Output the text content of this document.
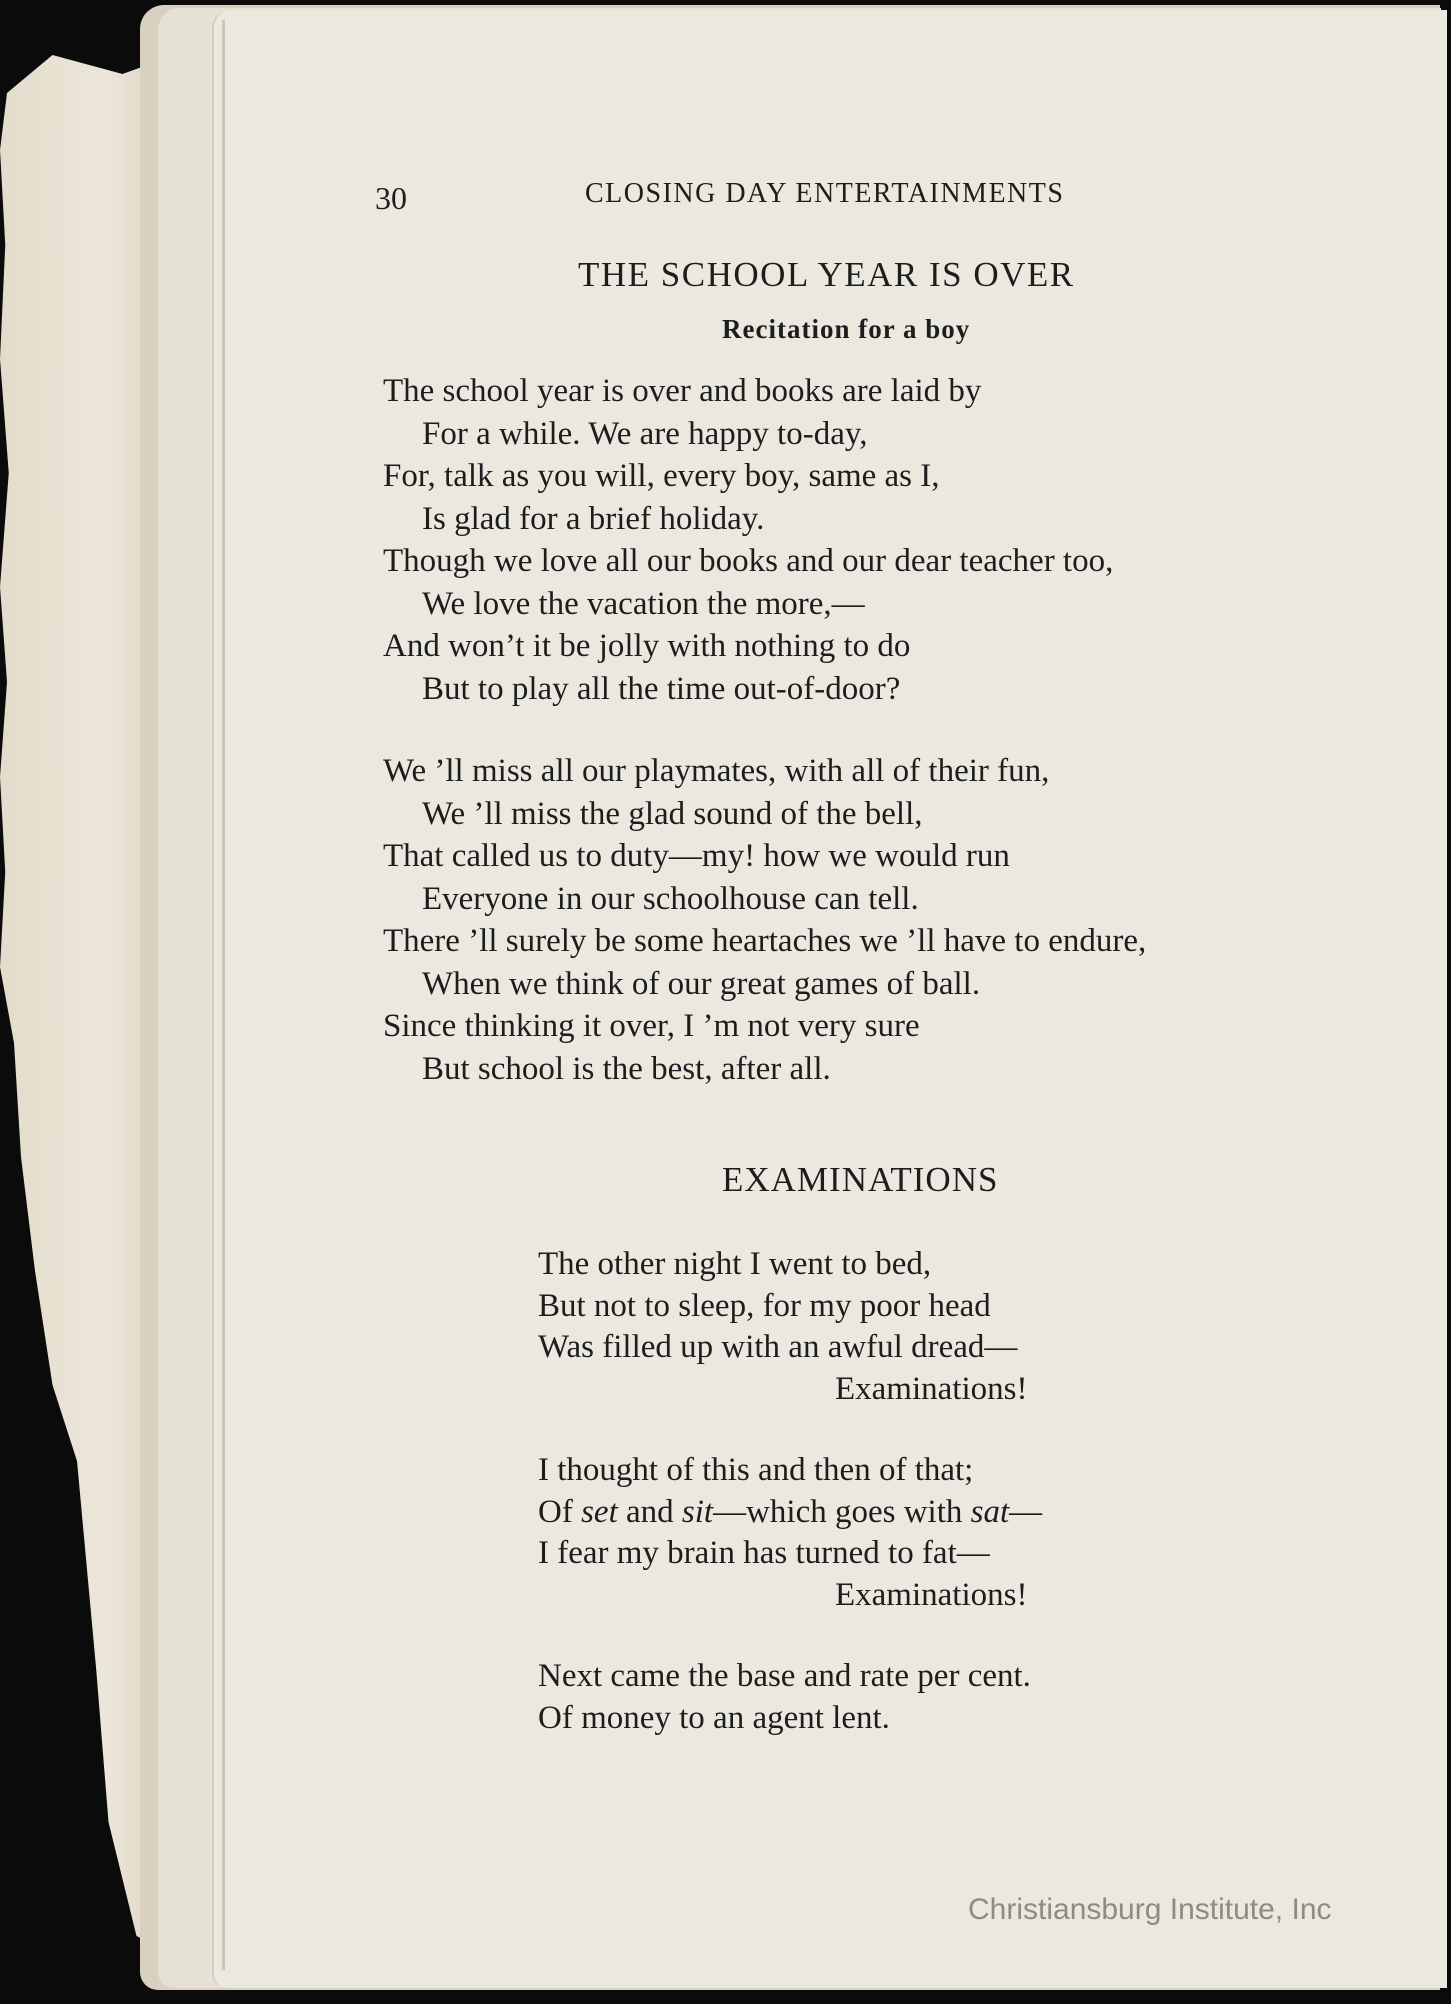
30	CLOSING DAY ENTERTAINMENTS
THE SCHOOL YEAR IS OVER
Recitation for a boy
The school year is over and books are laid by
For a while. We are happy to-day,
For, talk as you will, every boy, same as I,
Is glad for a brief holiday.
Though we love all our books and our dear teacher too,
We love the vacation the more,—
And won’t it be jolly with nothing to do
But to play all the time out-of-door?
We ’ll miss all our playmates, with all of their fun,
We ’ll miss the glad sound of the bell,
That called us to duty—my! how we would run
Everyone in our schoolhouse can tell.
There ’ll surely be some heartaches we ’ll have to endure,
When we think of our great games of ball.
Since thinking it over, I ’m not very sure
But school is the best, after all.
EXAMINATIONS
The other night I went to bed,
But not to sleep, for my poor head
Was filled up with an awful dread—
Examinations!
I thought of this and then of that;
Of set and sit—which goes with sat—
I fear my brain has turned to fat—
Examinations!
Next came the base and rate per cent.
Of money to an agent lent.
Christiansburg Institute, Inc
